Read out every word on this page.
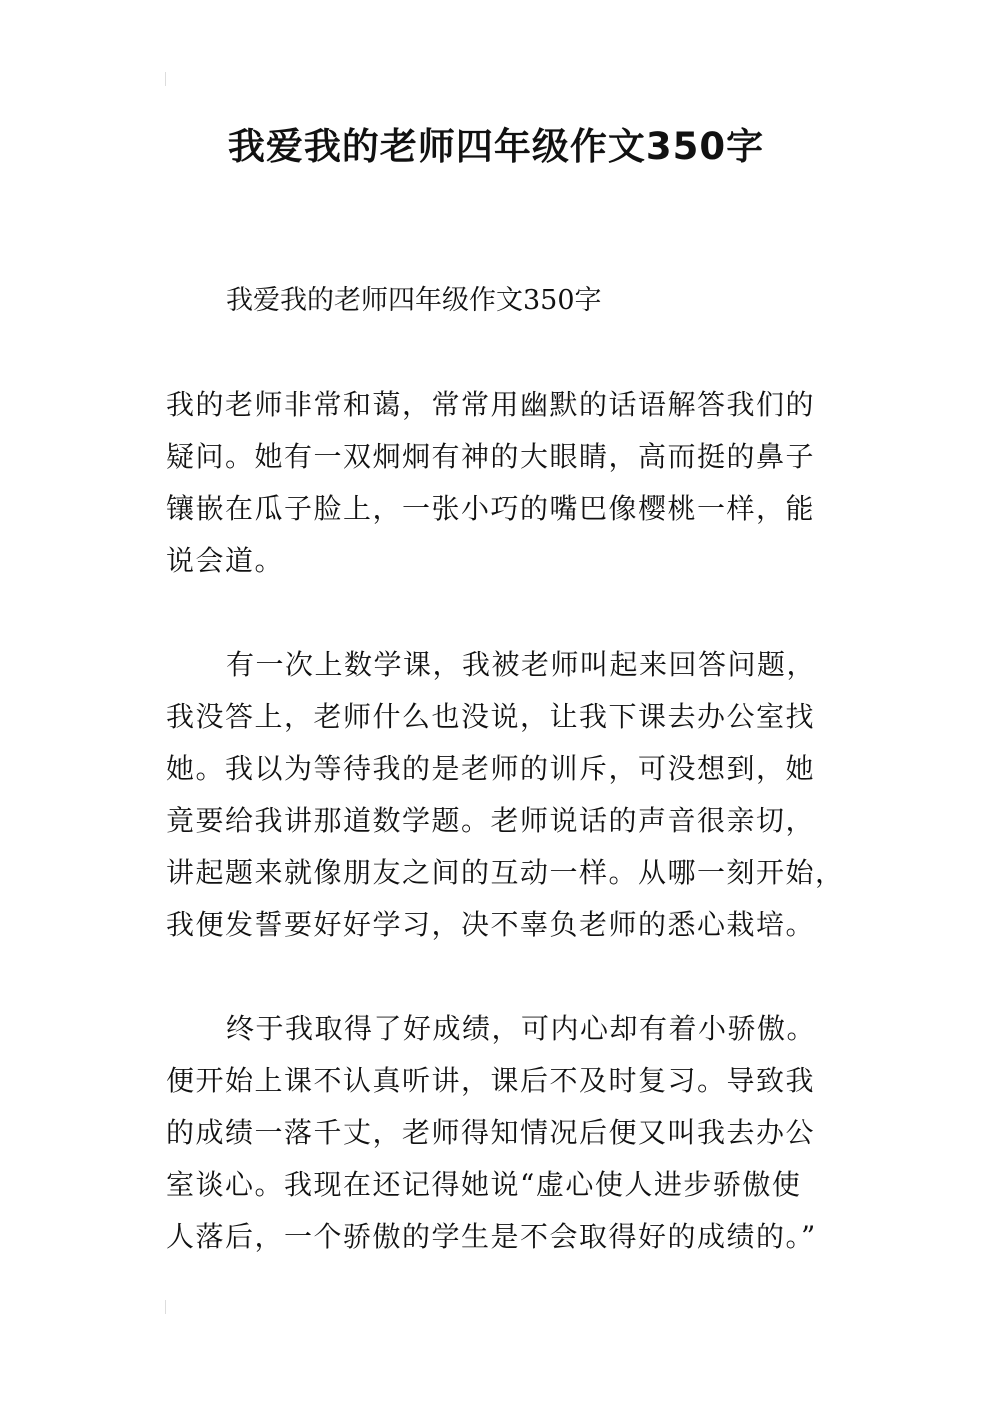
我爱我的老师四年级作文350字
我爱我的老师四年级作文350字
我的老师非常和蔼，常常用幽默的话语解答我们的
疑问。她有一双炯炯有神的大眼睛，高而挺的鼻子
镶嵌在瓜子脸上，一张小巧的嘴巴像樱桃一样，能
说会道。
有一次上数学课，我被老师叫起来回答问题，
我没答上，老师什么也没说，让我下课去办公室找
她。我以为等待我的是老师的训斥，可没想到，她
竟要给我讲那道数学题。老师说话的声音很亲切，
讲起题来就像朋友之间的互动一样。从哪一刻开始，
我便发誓要好好学习，决不辜负老师的悉心栽培。
终于我取得了好成绩，可内心却有着小骄傲。
便开始上课不认真听讲，课后不及时复习。导致我
的成绩一落千丈，老师得知情况后便又叫我去办公
室谈心。我现在还记得她说“虚心使人进步骄傲使
人落后，一个骄傲的学生是不会取得好的成绩的。”
